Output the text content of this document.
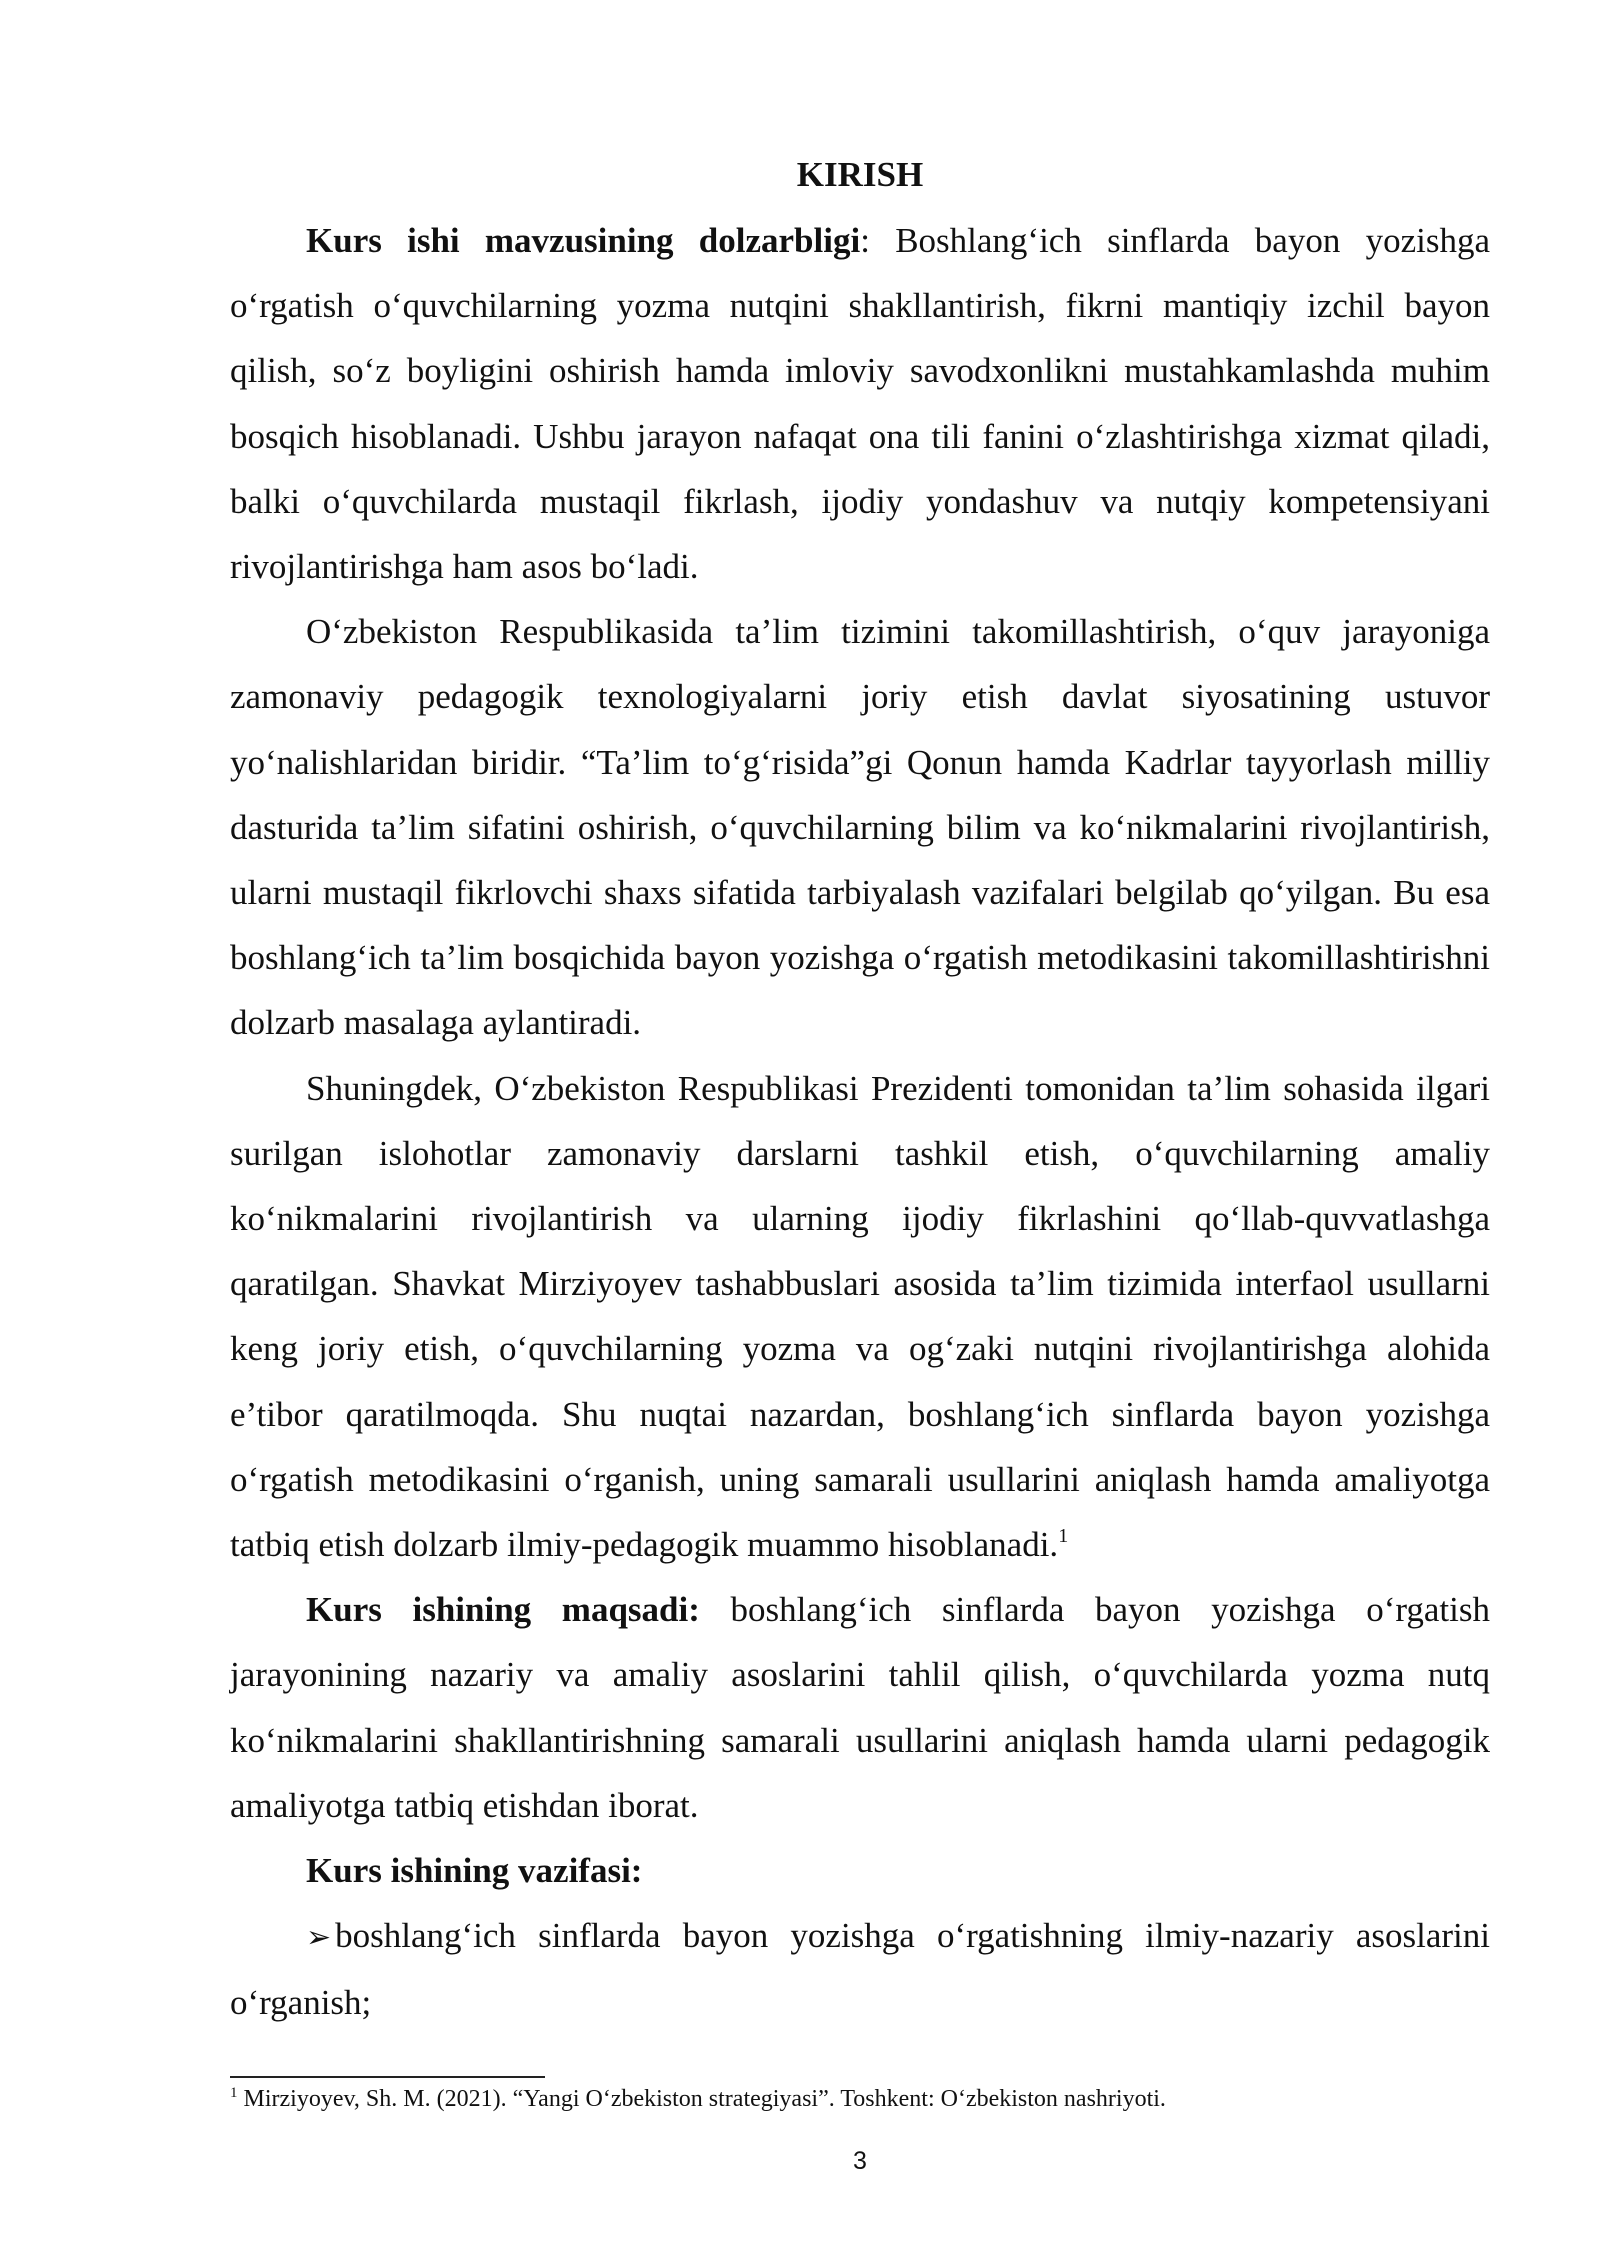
KIRISH

Kurs ishi mavzusining dolzarbligi: Boshlang‘ich sinflarda bayon yozishga o‘rgatish o‘quvchilarning yozma nutqini shakllantirish, fikrni mantiqiy izchil bayon qilish, so‘z boyligini oshirish hamda imloviy savodxonlikni mustahkamlashda muhim bosqich hisoblanadi. Ushbu jarayon nafaqat ona tili fanini o‘zlashtirishga xizmat qiladi, balki o‘quvchilarda mustaqil fikrlash, ijodiy yondashuv va nutqiy kompetensiyani rivojlantirishga ham asos bo‘ladi.

O‘zbekiston Respublikasida ta’lim tizimini takomillashtirish, o‘quv jarayoniga zamonaviy pedagogik texnologiyalarni joriy etish davlat siyosatining ustuvor yo‘nalishlaridan biridir. “Ta’lim to‘g‘risida”gi Qonun hamda Kadrlar tayyorlash milliy dasturida ta’lim sifatini oshirish, o‘quvchilarning bilim va ko‘nikmalarini rivojlantirish, ularni mustaqil fikrlovchi shaxs sifatida tarbiyalash vazifalari belgilab qo‘yilgan. Bu esa boshlang‘ich ta’lim bosqichida bayon yozishga o‘rgatish metodikasini takomillashtirishni dolzarb masalaga aylantiradi.

Shuningdek, O‘zbekiston Respublikasi Prezidenti tomonidan ta’lim sohasida ilgari surilgan islohotlar zamonaviy darslarni tashkil etish, o‘quvchilarning amaliy ko‘nikmalarini rivojlantirish va ularning ijodiy fikrlashini qo‘llab-quvvatlashga qaratilgan. Shavkat Mirziyoyev tashabbuslari asosida ta’lim tizimida interfaol usullarni keng joriy etish, o‘quvchilarning yozma va og‘zaki nutqini rivojlantirishga alohida e’tibor qaratilmoqda. Shu nuqtai nazardan, boshlang‘ich sinflarda bayon yozishga o‘rgatish metodikasini o‘rganish, uning samarali usullarini aniqlash hamda amaliyotga tatbiq etish dolzarb ilmiy-pedagogik muammo hisoblanadi.$^1$

Kurs ishining maqsadi: boshlang‘ich sinflarda bayon yozishga o‘rgatish jarayonining nazariy va amaliy asoslarini tahlil qilish, o‘quvchilarda yozma nutq ko‘nikmalarini shakllantirishning samarali usullarini aniqlash hamda ularni pedagogik amaliyotga tatbiq etishdan iborat.

Kurs ishining vazifasi:

➢ boshlang‘ich sinflarda bayon yozishga o‘rgatishning ilmiy-nazariy asoslarini o‘rganish;

$^1$ Mirziyoyev, Sh. M. (2021). “Yangi O‘zbekiston strategiyasi”. Toshkent: O‘zbekiston nashriyoti.
3
